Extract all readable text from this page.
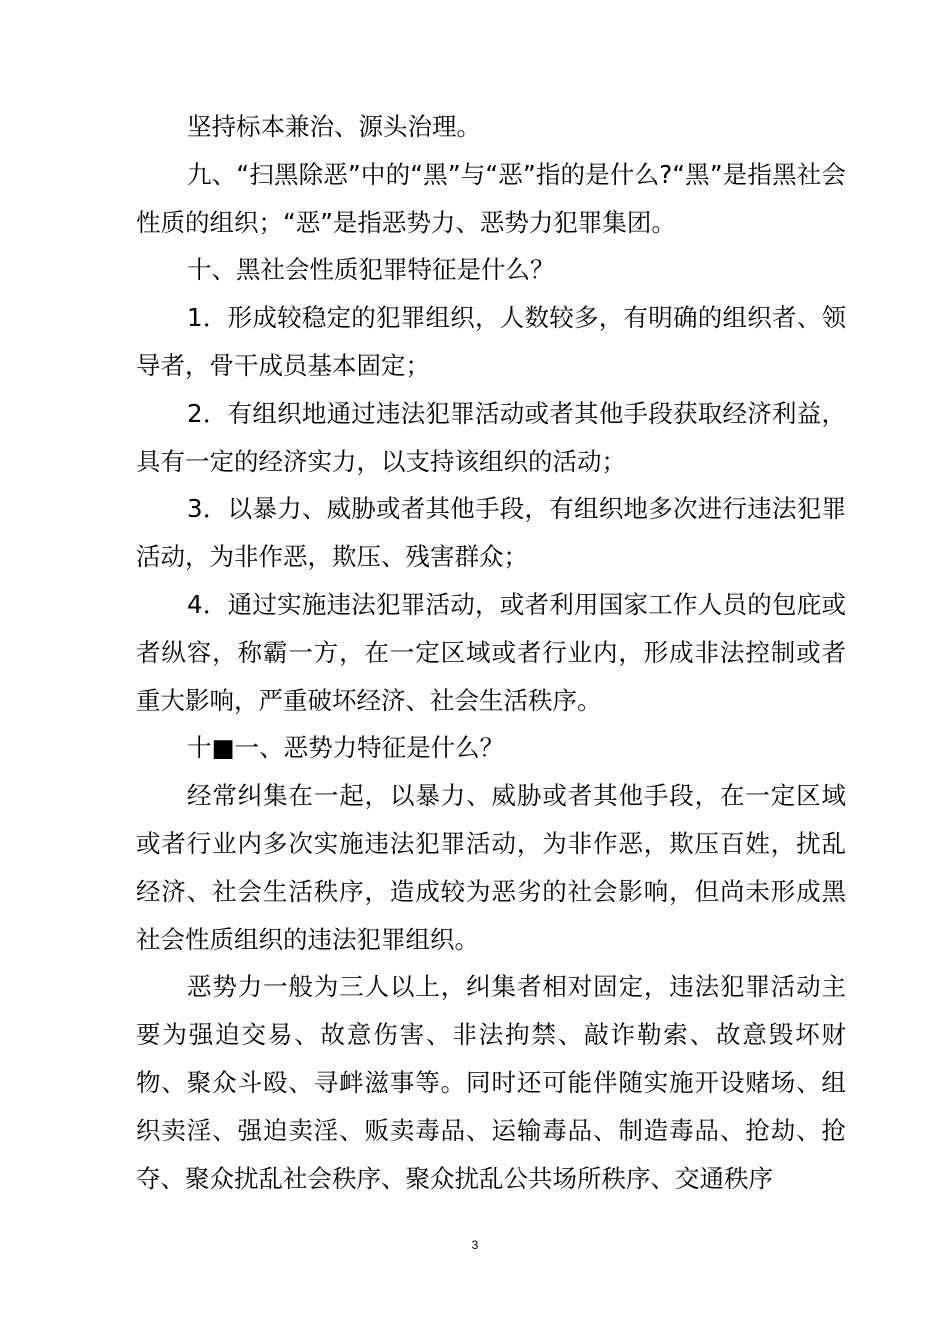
坚持标本兼治、源头治理。

九、“扫黑除恶”中的“黑”与“恶”指的是什么?“黑”是指黑社会性质的组织；“恶”是指恶势力、恶势力犯罪集团。

十、黑社会性质犯罪特征是什么？

1．形成较稳定的犯罪组织，人数较多，有明确的组织者、领导者，骨干成员基本固定；

2．有组织地通过违法犯罪活动或者其他手段获取经济利益，具有一定的经济实力，以支持该组织的活动；

3．以暴力、威胁或者其他手段，有组织地多次进行违法犯罪活动，为非作恶，欺压、残害群众；

4．通过实施违法犯罪活动，或者利用国家工作人员的包庇或者纵容，称霸一方，在一定区域或者行业内，形成非法控制或者重大影响，严重破坏经济、社会生活秩序。

十■一、恶势力特征是什么？

经常纠集在一起，以暴力、威胁或者其他手段，在一定区域或者行业内多次实施违法犯罪活动，为非作恶，欺压百姓，扰乱经济、社会生活秩序，造成较为恶劣的社会影响，但尚未形成黑社会性质组织的违法犯罪组织。

恶势力一般为三人以上，纠集者相对固定，违法犯罪活动主要为强迫交易、故意伤害、非法拘禁、敲诈勒索、故意毁坏财物、聚众斗殴、寻衅滋事等。同时还可能伴随实施开设赌场、组织卖淫、强迫卖淫、贩卖毒品、运输毒品、制造毒品、抢劫、抢夺、聚众扰乱社会秩序、聚众扰乱公共场所秩序、交通秩序

3
